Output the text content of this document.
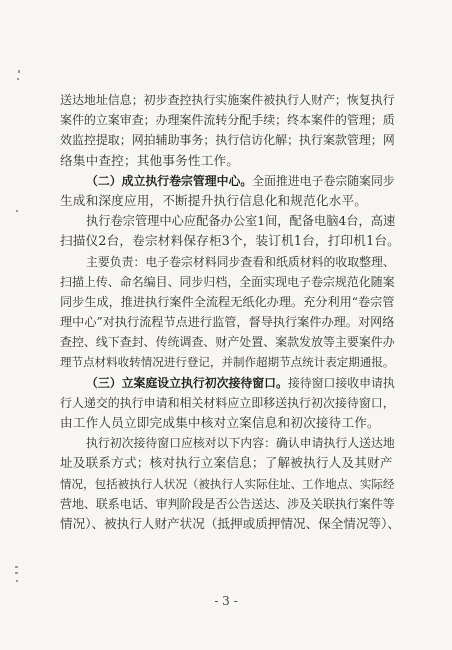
送达地址信息；初步查控执行实施案件被执行人财产；恢复执行
案件的立案审查；办理案件流转分配手续；终本案件的管理；质
效监控提取；网拍辅助事务；执行信访化解；执行案款管理；网
络集中查控；其他事务性工作。
（二）成立执行卷宗管理中心。全面推进电子卷宗随案同步
生成和深度应用，不断提升执行信息化和规范化水平。
执行卷宗管理中心应配备办公室1间，配备电脑4台，高速
扫描仪2台，卷宗材料保存柜3个，装订机1台，打印机1台。
主要负责：电子卷宗材料同步查看和纸质材料的收取整理、
扫描上传、命名编目、同步归档，全面实现电子卷宗规范化随案
同步生成，推进执行案件全流程无纸化办理。充分利用“卷宗管
理中心”对执行流程节点进行监管，督导执行案件办理。对网络
查控、线下查封、传统调查、财产处置、案款发放等主要案件办
理节点材料收转情况进行登记，并制作超期节点统计表定期通报。
（三）立案庭设立执行初次接待窗口。接待窗口接收申请执
行人递交的执行申请和相关材料应立即移送执行初次接待窗口，
由工作人员立即完成集中核对立案信息和初次接待工作。
执行初次接待窗口应核对以下内容：确认申请执行人送达地
址及联系方式；核对执行立案信息；了解被执行人及其财产
情况，包括被执行人状况（被执行人实际住址、工作地点、实际经
营地、联系电话、审判阶段是否公告送达、涉及关联执行案件等
情况）、被执行人财产状况（抵押或质押情况、保全情况等）、
- 3 -
